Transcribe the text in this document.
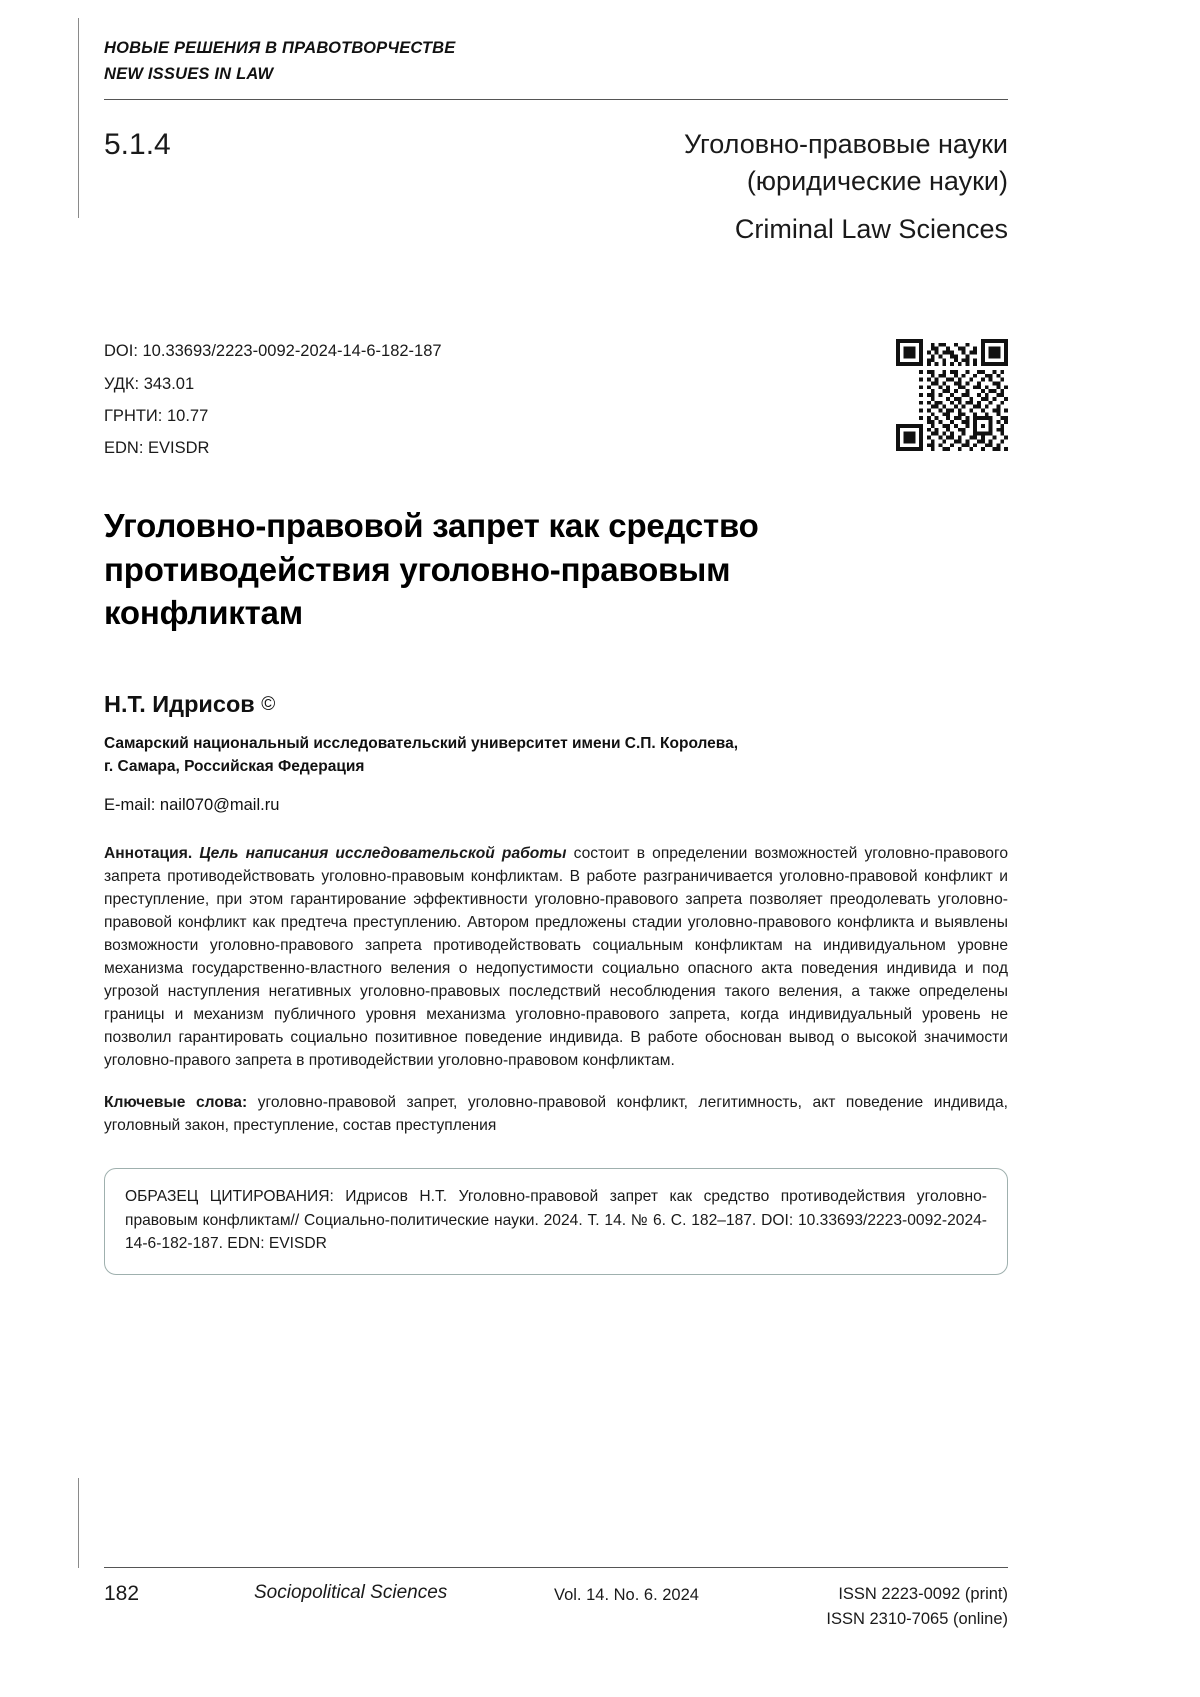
НОВЫЕ РЕШЕНИЯ В ПРАВОТВОРЧЕСТВЕ
NEW ISSUES IN LAW
5.1.4	Уголовно-правовые науки
(юридические науки)
Criminal Law Sciences
DOI: 10.33693/2223-0092-2024-14-6-182-187
УДК: 343.01
ГРНТИ: 10.77
EDN: EVISDR
Уголовно-правовой запрет как средство противодействия уголовно-правовым конфликтам
Н.Т. Идрисов ©
Самарский национальный исследовательский университет имени С.П. Королева,
г. Самара, Российская Федерация
E-mail: nail070@mail.ru

Аннотация. Цель написания исследовательской работы состоит в определении возможностей уголовно-правового запрета противодействовать уголовно-правовым конфликтам. В работе разграничивается уголовно-правовой конфликт и преступление, при этом гарантирование эффективности уголовно-правового запрета позволяет преодолевать уголовно-правовой конфликт как предтеча преступлению. Автором предложены стадии уголовно-правового конфликта и выявлены возможности уголовно-правового запрета противодействовать социальным конфликтам на индивидуальном уровне механизма государственно-властного веления о недопустимости социально опасного акта поведения индивида и под угрозой наступления негативных уголовно-правовых последствий несоблюдения такого веления, а также определены границы и механизм публичного уровня механизма уголовно-правового запрета, когда индивидуальный уровень не позволил гарантировать социально позитивное поведение индивида. В работе обоснован вывод о высокой значимости уголовно-правого запрета в противодействии уголовно-правовом конфликтам.

Ключевые слова: уголовно-правовой запрет, уголовно-правовой конфликт, легитимность, акт поведение индивида, уголовный закон, преступление, состав преступления

ОБРАЗЕЦ ЦИТИРОВАНИЯ: Идрисов Н.Т. Уголовно-правовой запрет как средство противодействия уголовно-правовым конфликтам// Социально-политические науки. 2024. Т. 14. № 6. С. 182–187. DOI: 10.33693/2223-0092-2024-14-6-182-187. EDN: EVISDR
182	Sociopolitical Sciences	Vol. 14. No. 6. 2024	ISSN 2223-0092 (print)
ISSN 2310-7065 (online)
